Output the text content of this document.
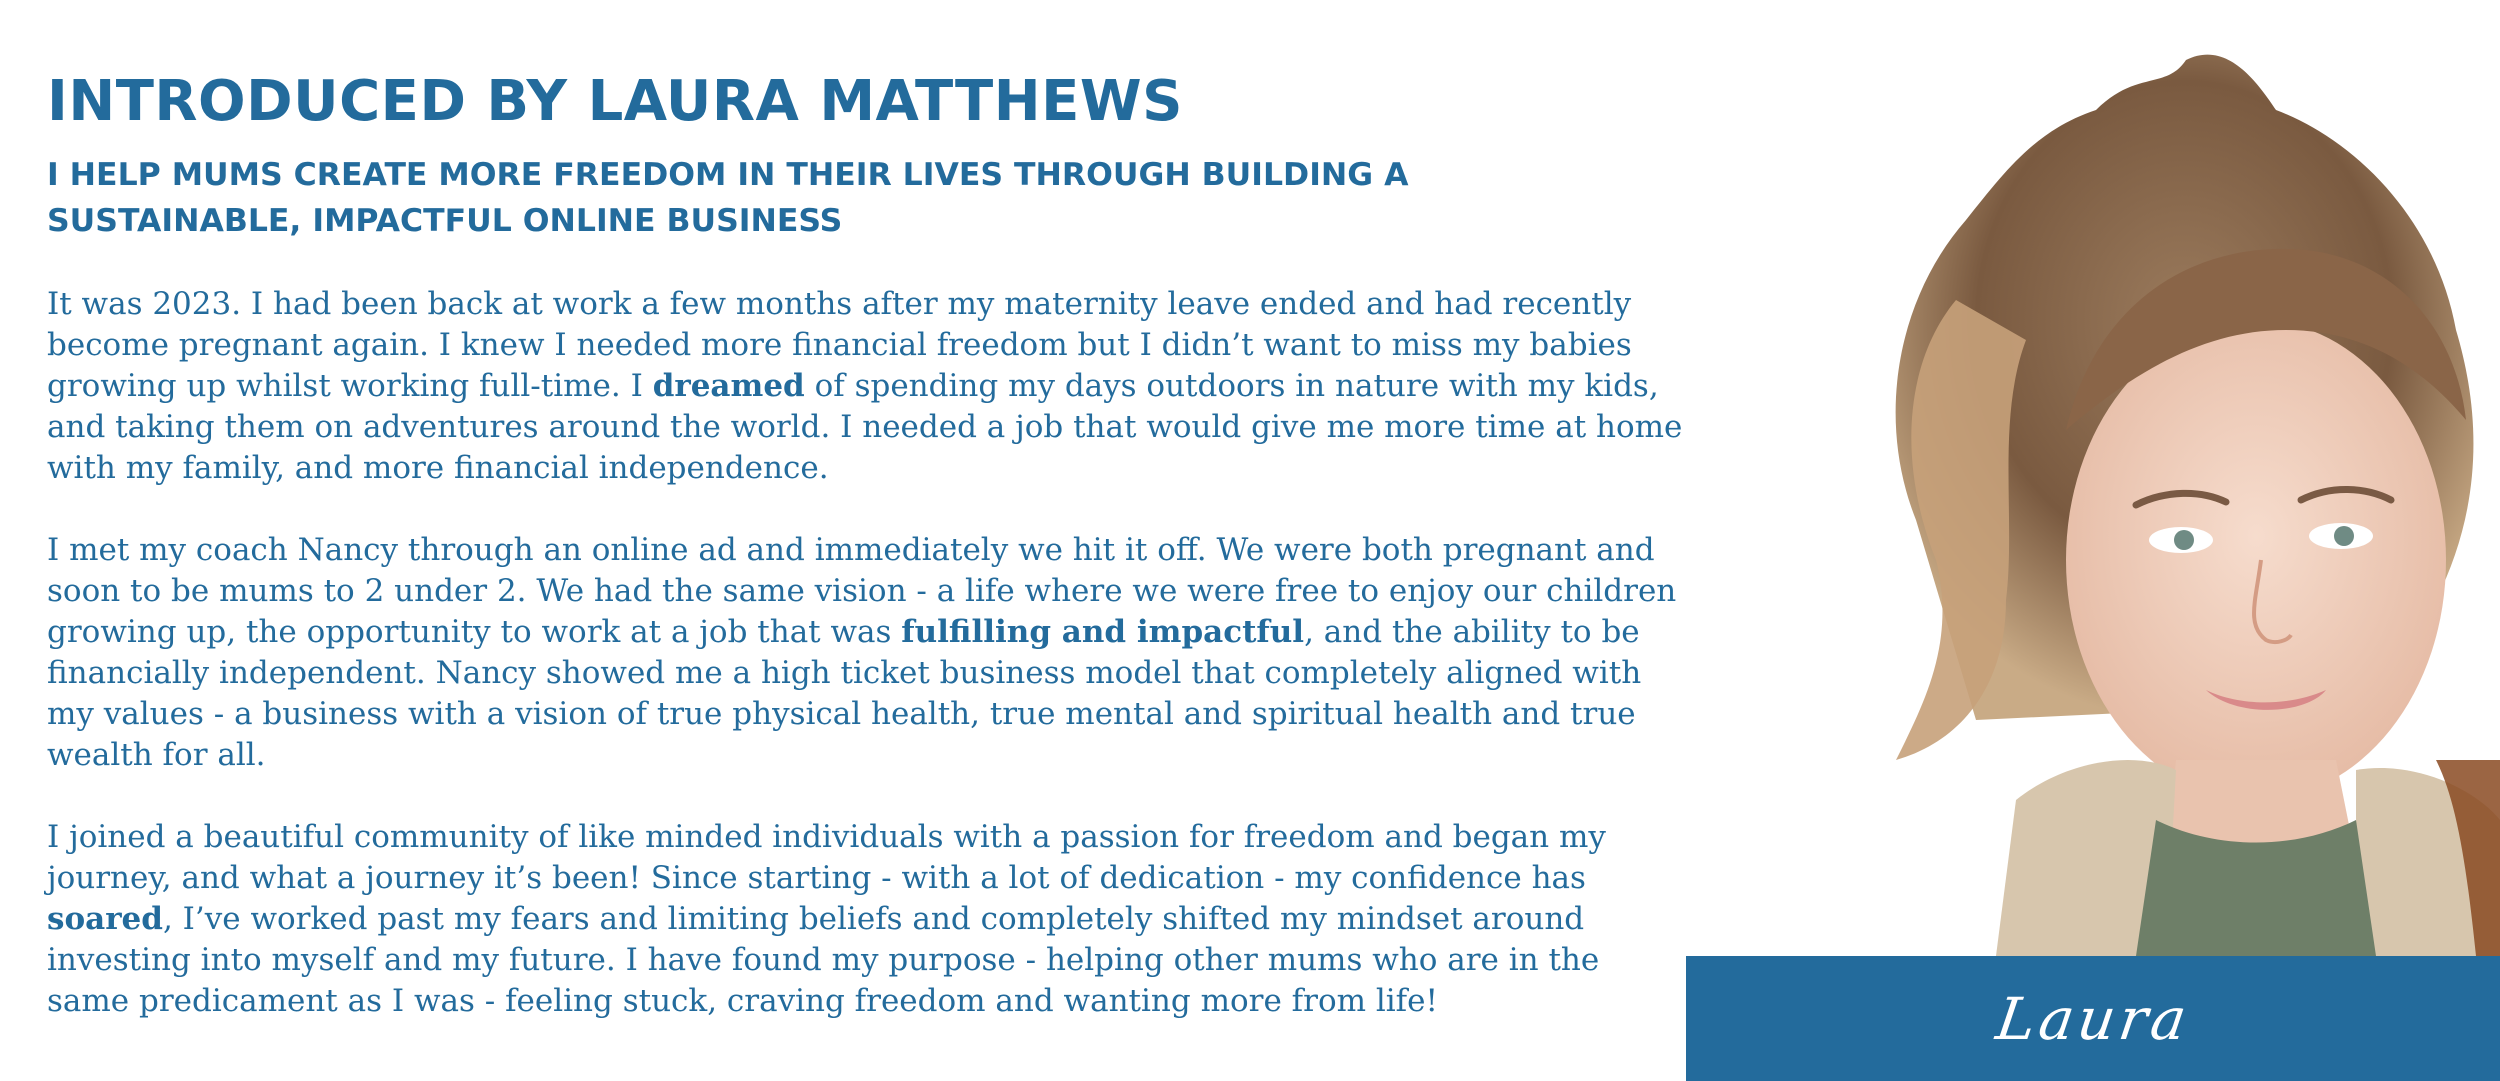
INTRODUCED BY LAURA MATTHEWS
I HELP MUMS CREATE MORE FREEDOM IN THEIR LIVES THROUGH BUILDING A SUSTAINABLE, IMPACTFUL ONLINE BUSINESS

It was 2023. I had been back at work a few months after my maternity leave ended and had recently become pregnant again. I knew I needed more financial freedom but I didn’t want to miss my babies growing up whilst working full-time. I dreamed of spending my days outdoors in nature with my kids, and taking them on adventures around the world. I needed a job that would give me more time at home with my family, and more financial independence.

I met my coach Nancy through an online ad and immediately we hit it off. We were both pregnant and soon to be mums to 2 under 2. We had the same vision - a life where we were free to enjoy our children growing up, the opportunity to work at a job that was fulfilling and impactful, and the ability to be financially independent. Nancy showed me a high ticket business model that completely aligned with my values - a business with a vision of true physical health, true mental and spiritual health and true wealth for all.

I joined a beautiful community of like minded individuals with a passion for freedom and began my journey, and what a journey it’s been! Since starting - with a lot of dedication - my confidence has soared, I’ve worked past my fears and limiting beliefs and completely shifted my mindset around investing into myself and my future. I have found my purpose - helping other mums who are in the same predicament as I was - feeling stuck, craving freedom and wanting more from life!	Laura
